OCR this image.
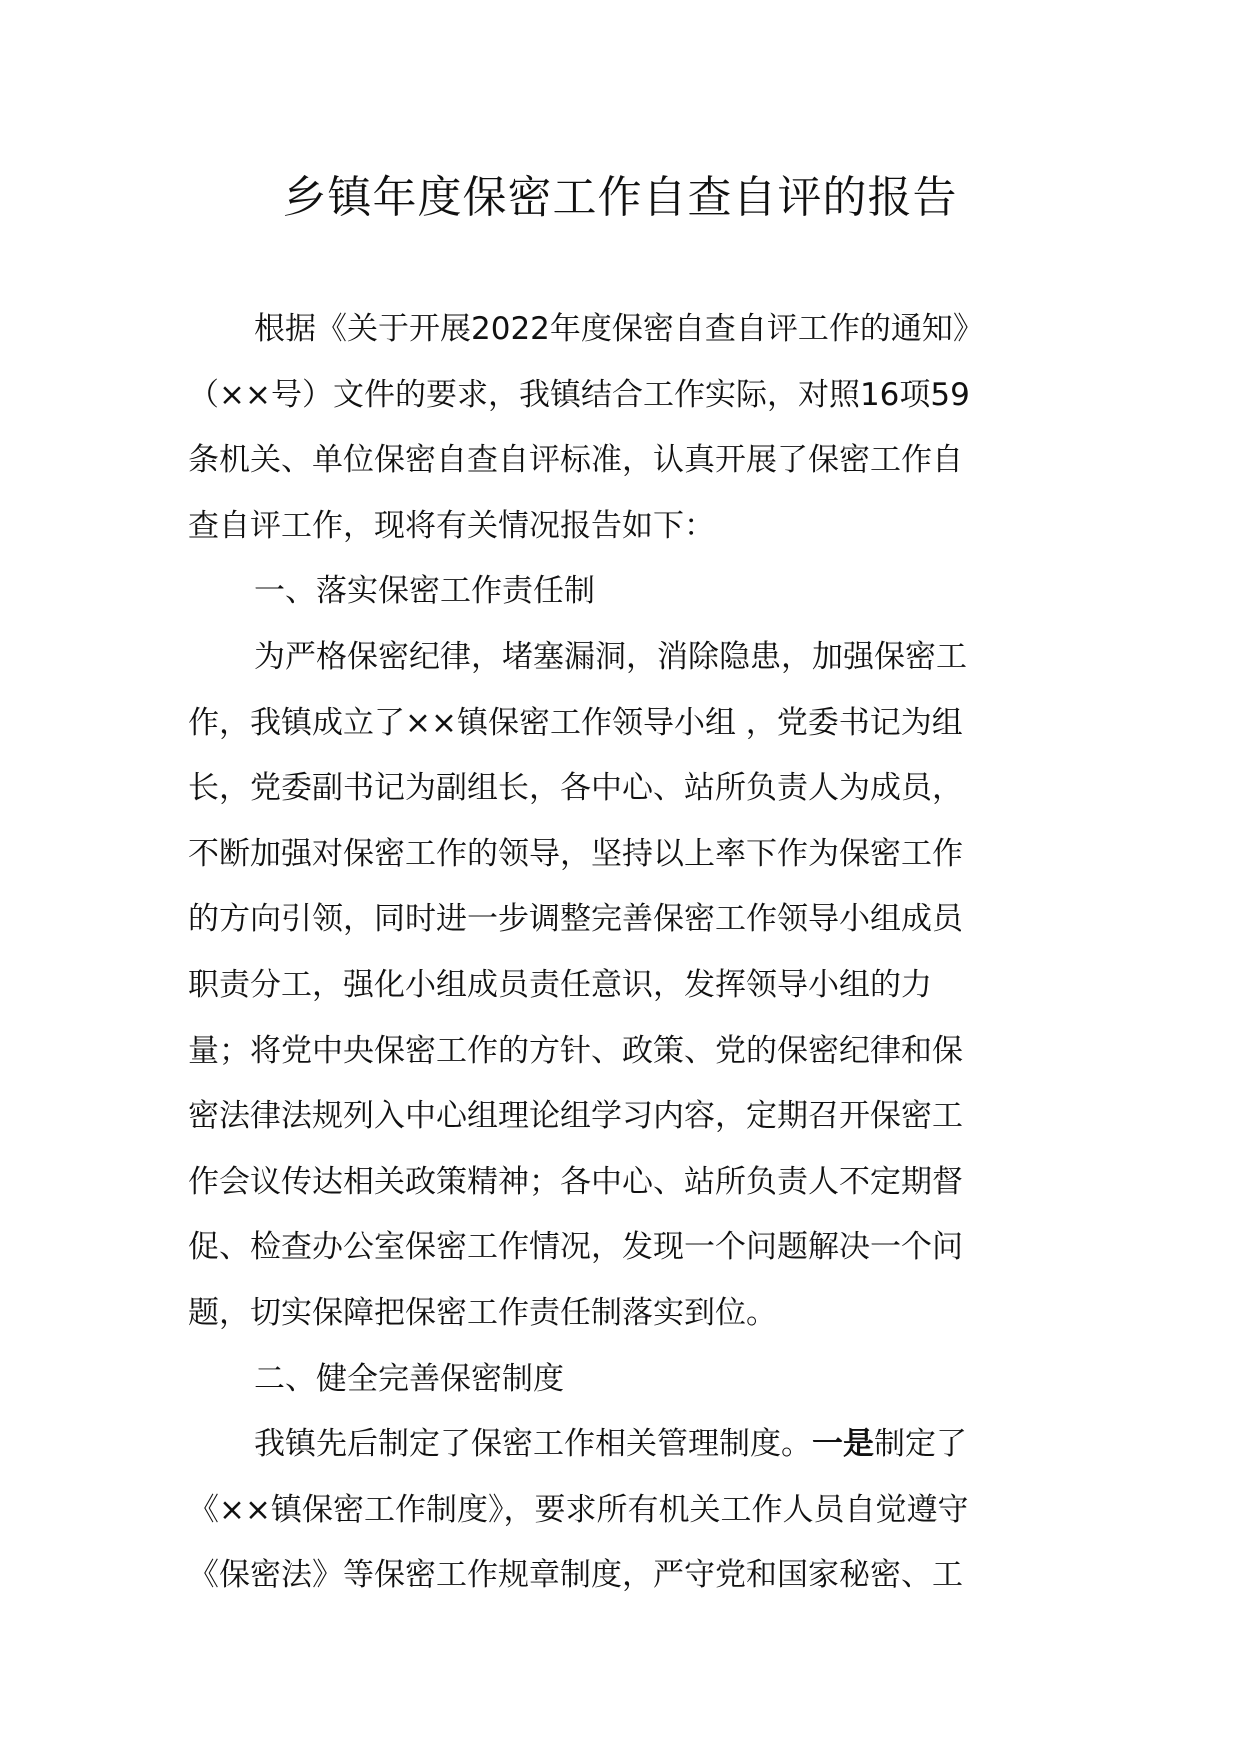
乡镇年度保密工作自查自评的报告
根据《关于开展2022年度保密自查自评工作的通知》
（××号）文件的要求，我镇结合工作实际，对照16项59
条机关、单位保密自查自评标准，认真开展了保密工作自
查自评工作，现将有关情况报告如下：
一、落实保密工作责任制
为严格保密纪律，堵塞漏洞，消除隐患，加强保密工
作，我镇成立了××镇保密工作领导小组 ，党委书记为组
长，党委副书记为副组长，各中心、站所负责人为成员，
不断加强对保密工作的领导，坚持以上率下作为保密工作
的方向引领，同时进一步调整完善保密工作领导小组成员
职责分工，强化小组成员责任意识，发挥领导小组的力
量；将党中央保密工作的方针、政策、党的保密纪律和保
密法律法规列入中心组理论组学习内容，定期召开保密工
作会议传达相关政策精神；各中心、站所负责人不定期督
促、检查办公室保密工作情况，发现一个问题解决一个问
题，切实保障把保密工作责任制落实到位。
二、健全完善保密制度
我镇先后制定了保密工作相关管理制度。一是制定了
《××镇保密工作制度》，要求所有机关工作人员自觉遵守
《保密法》等保密工作规章制度，严守党和国家秘密、工
